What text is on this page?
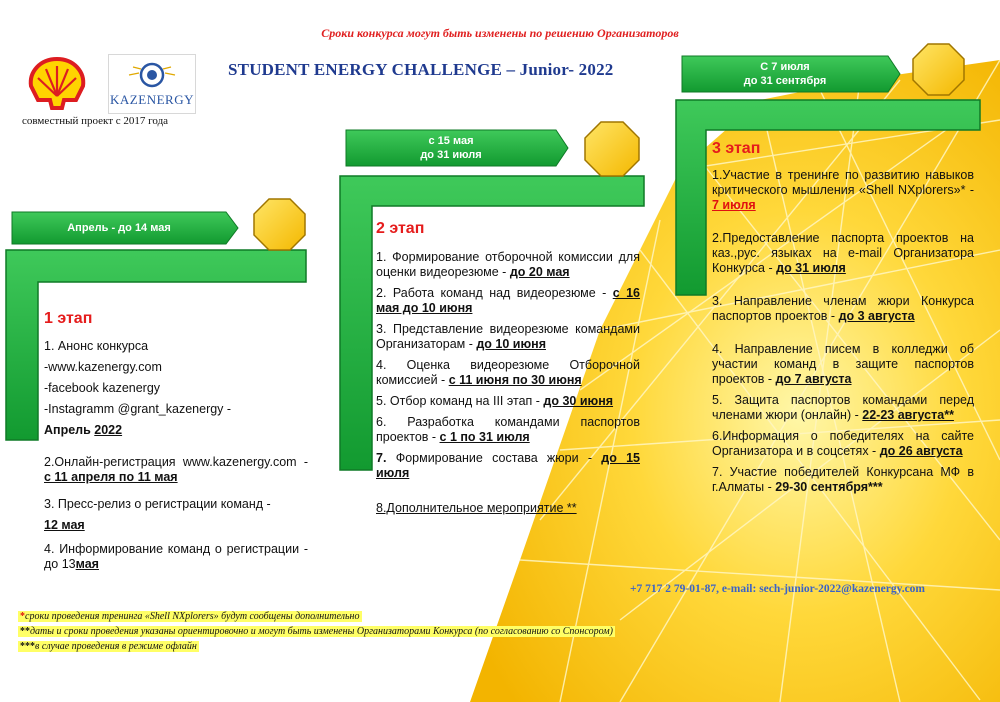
KAZENERGY
Сроки конкурса могут быть изменены по решению Организаторов
STUDENT ENERGY CHALLENGE – Junior- 2022
совместный проект с 2017 года
Апрель - до 14 мая
с 15 мая
до 31 июля
С 7 июля
до 31 сентября
1 этап
1. Анонс конкурса
-www.kazenergy.com
-facebook kazenergy
-Instagramm @grant_kazenergy -
Апрель 2022
2.Онлайн-регистрация www.kazenergy.com - с 11 апреля по 11 мая
3. Пресс-релиз о регистрации команд -
12 мая
4. Информирование команд о регистрации - до 13мая
2 этап
1. Формирование отборочной комиссии для оценки видеорезюме - до 20 мая
2. Работа команд над видеорезюме - с 16 мая до 10 июня
3. Представление видеорезюме командами Организаторам - до 10 июня
4. Оценка видеорезюме Отборочной комиссией - с 11 июня по 30 июня
5. Отбор команд на III этап - до 30 июня
6. Разработка командами паспортов проектов - с 1 по 31 июля
7. Формирование состава жюри - до 15 июля
8.Дополнительное мероприятие **
3 этап
1.Участие в тренинге по развитию навыков критического мышления «Shell NXplorers»* - 7 июля
2.Предоставление паспорта проектов на каз.,рус. языках на e-mail Организатора Конкурса - до 31 июля
3. Направление членам жюри Конкурса паспортов проектов - до 3 августа
4. Направление писем в колледжи об участии команд в защите паспортов проектов - до 7 августа
5. Защита паспортов командами перед членами жюри (онлайн) - 22-23 августа**
6.Информация о победителях на сайте Организатора и в соцсетях - до 26 августа
7. Участие победителей Конкурсана МФ в г.Алматы - 29-30 сентября***
+7 717 2 79-01-87, e-mail: sech-junior-2022@kazenergy.com
*сроки проведения тренинга «Shell NXplorers» будут сообщены дополнительно
**даты и сроки проведения указаны ориентировочно и могут быть изменены Организаторами Конкурса (по согласованию со Спонсором)
***в случае проведения в режиме офлайн
